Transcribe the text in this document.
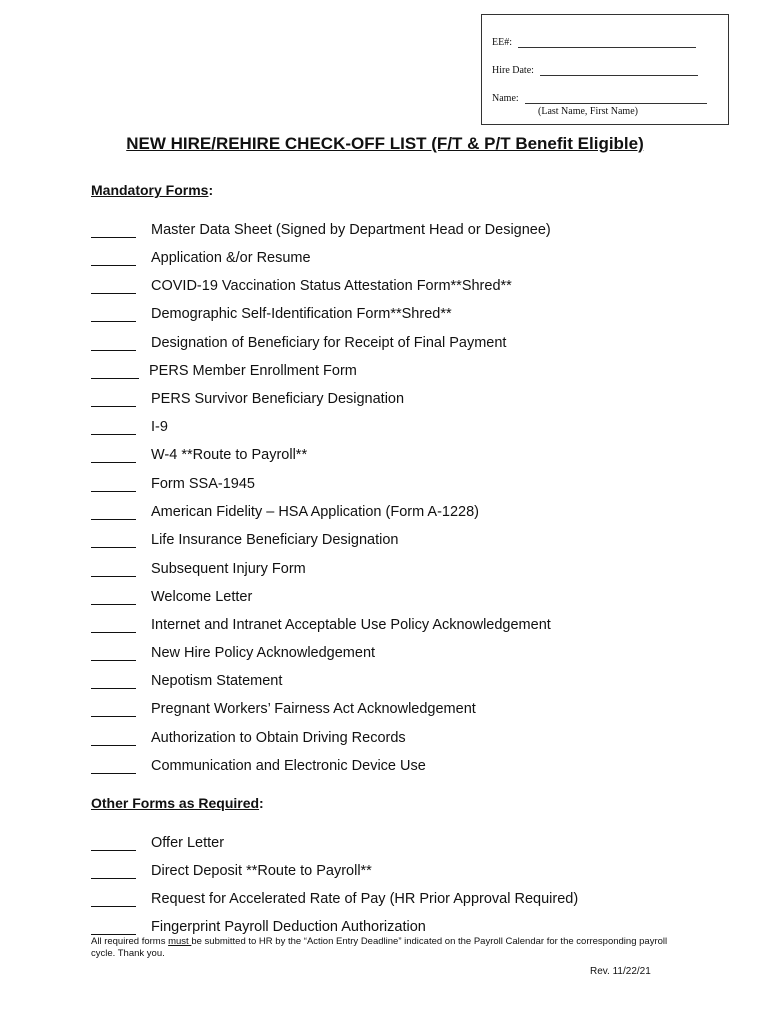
EE#:
Hire Date:
Name:
(Last Name, First Name)
NEW HIRE/REHIRE CHECK-OFF LIST (F/T & P/T Benefit Eligible)
Mandatory Forms:
Master Data Sheet (Signed by Department Head or Designee)
Application &/or Resume
COVID-19 Vaccination Status Attestation Form**Shred**
Demographic Self-Identification Form**Shred**
Designation of Beneficiary for Receipt of Final Payment
PERS Member Enrollment Form
PERS Survivor Beneficiary Designation
I-9
W-4 **Route to Payroll**
Form SSA-1945
American Fidelity – HSA Application (Form A-1228)
Life Insurance Beneficiary Designation
Subsequent Injury Form
Welcome Letter
Internet and Intranet Acceptable Use Policy Acknowledgement
New Hire Policy Acknowledgement
Nepotism Statement
Pregnant Workers’ Fairness Act Acknowledgement
Authorization to Obtain Driving Records
Communication and Electronic Device Use
Other Forms as Required:
Offer Letter
Direct Deposit **Route to Payroll**
Request for Accelerated Rate of Pay (HR Prior Approval Required)
Fingerprint Payroll Deduction Authorization
All required forms must be submitted to HR by the “Action Entry Deadline” indicated on the Payroll Calendar for the corresponding payroll cycle. Thank you.
Rev. 11/22/21
